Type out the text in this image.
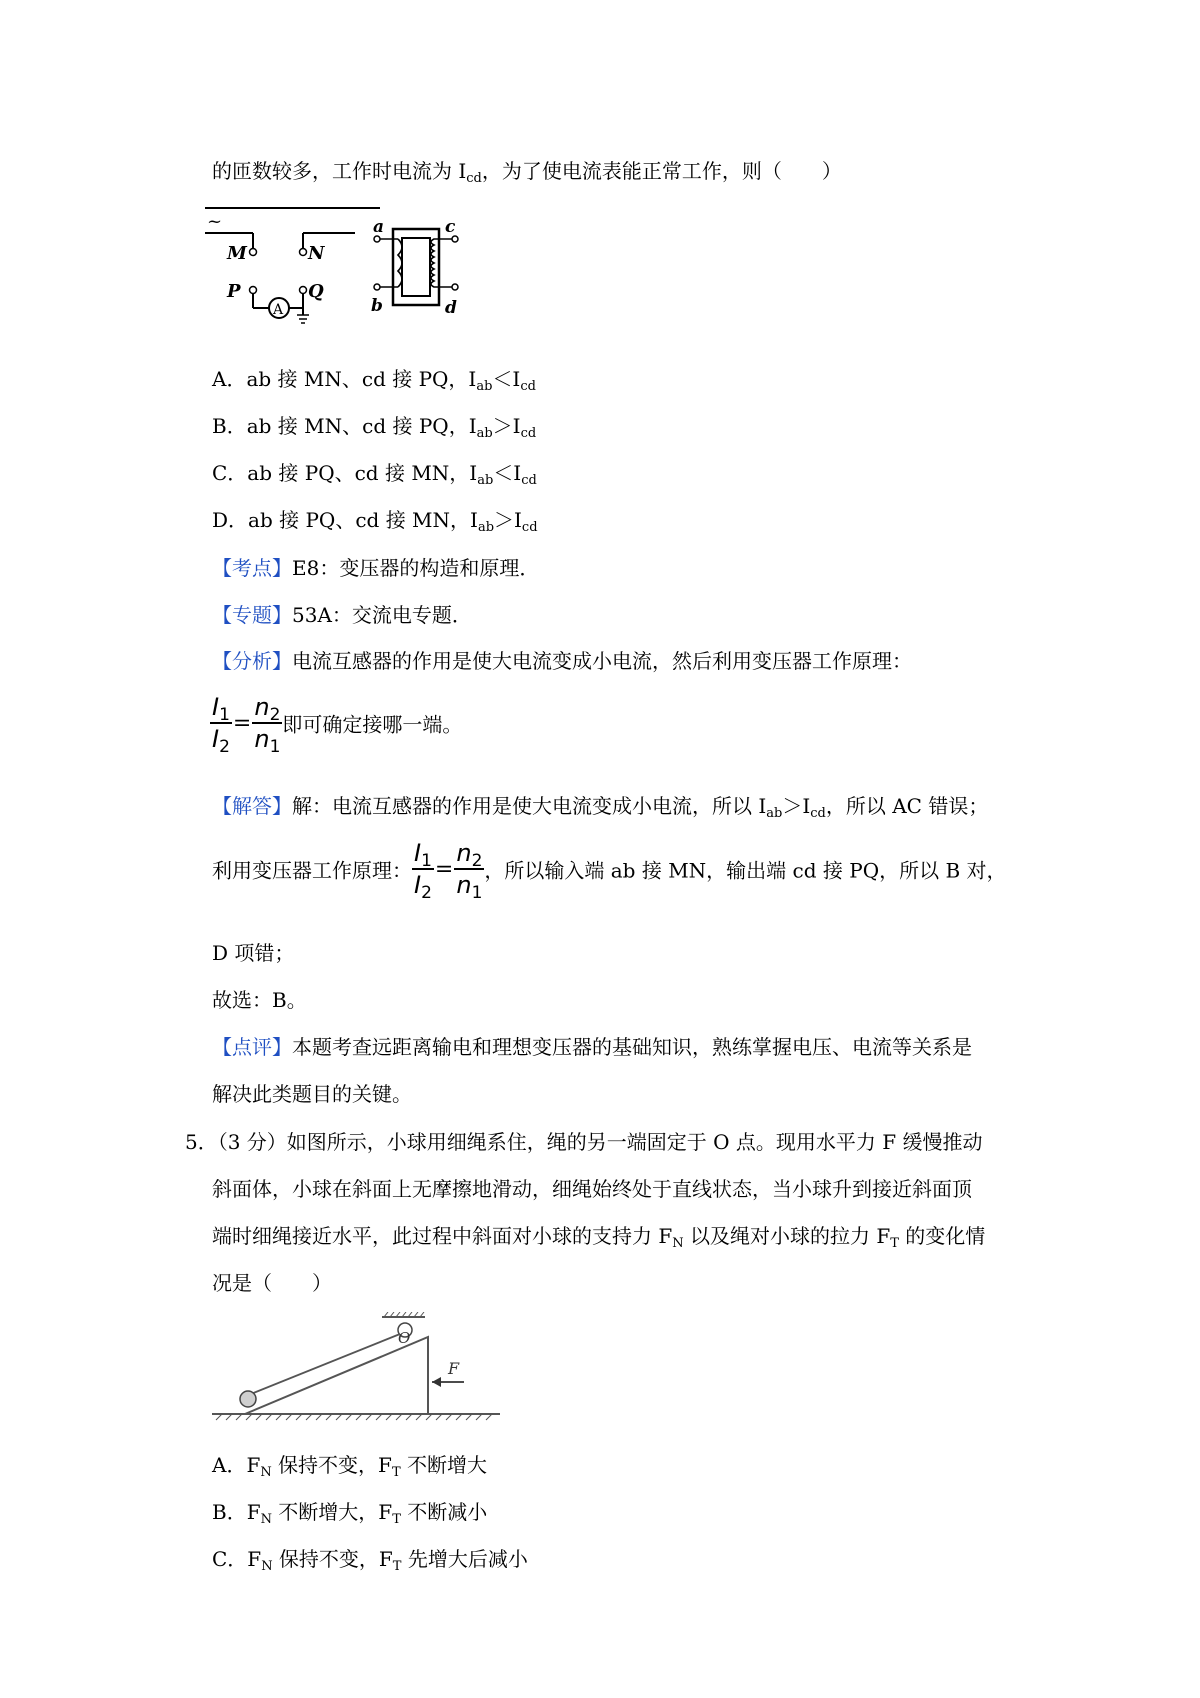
的匝数较多，工作时电流为 $I_{cd}$，为了使电流表能正常工作，则（　　）
~
M	N
P
A
Q
a
b
c
d
A．ab 接 MN、cd 接 PQ，$I_{ab}<I_{cd}$
B．ab 接 MN、cd 接 PQ，$I_{ab}>I_{cd}$
C．ab 接 PQ、cd 接 MN，$I_{ab}<I_{cd}$
D．ab 接 PQ、cd 接 MN，$I_{ab}>I_{cd}$
【考点】E8：变压器的构造和原理．
【专题】53A：交流电专题．
【分析】电流互感器的作用是使大电流变成小电流，然后利用变压器工作原理：
$\frac{I_1}{I_2} = \frac{n_2}{n_1}$ 即可确定接哪一端。
【解答】解：电流互感器的作用是使大电流变成小电流，所以 $I_{ab}>I_{cd}$，所以 AC 错误；
利用变压器工作原理： $\frac{I_1}{I_2} = \frac{n_2}{n_1}$ ，所以输入端 ab 接 MN，输出端 cd 接 PQ，所以 B 对，
D 项错；
故选：B。
【点评】本题考查远距离输电和理想变压器的基础知识，熟练掌握电压、电流等关系是
解决此类题目的关键。
5．（3 分）如图所示，小球用细绳系住，绳的另一端固定于 O 点。现用水平力 F 缓慢推动
斜面体，小球在斜面上无摩擦地滑动，细绳始终处于直线状态，当小球升到接近斜面顶
端时细绳接近水平，此过程中斜面对小球的支持力 $F_N$ 以及绳对小球的拉力 $F_T$ 的变化情
况是（　　）
O
F
A．$F_N$ 保持不变，$F_T$ 不断增大
B．$F_N$ 不断增大，$F_T$ 不断减小
C．$F_N$ 保持不变，$F_T$ 先增大后减小
